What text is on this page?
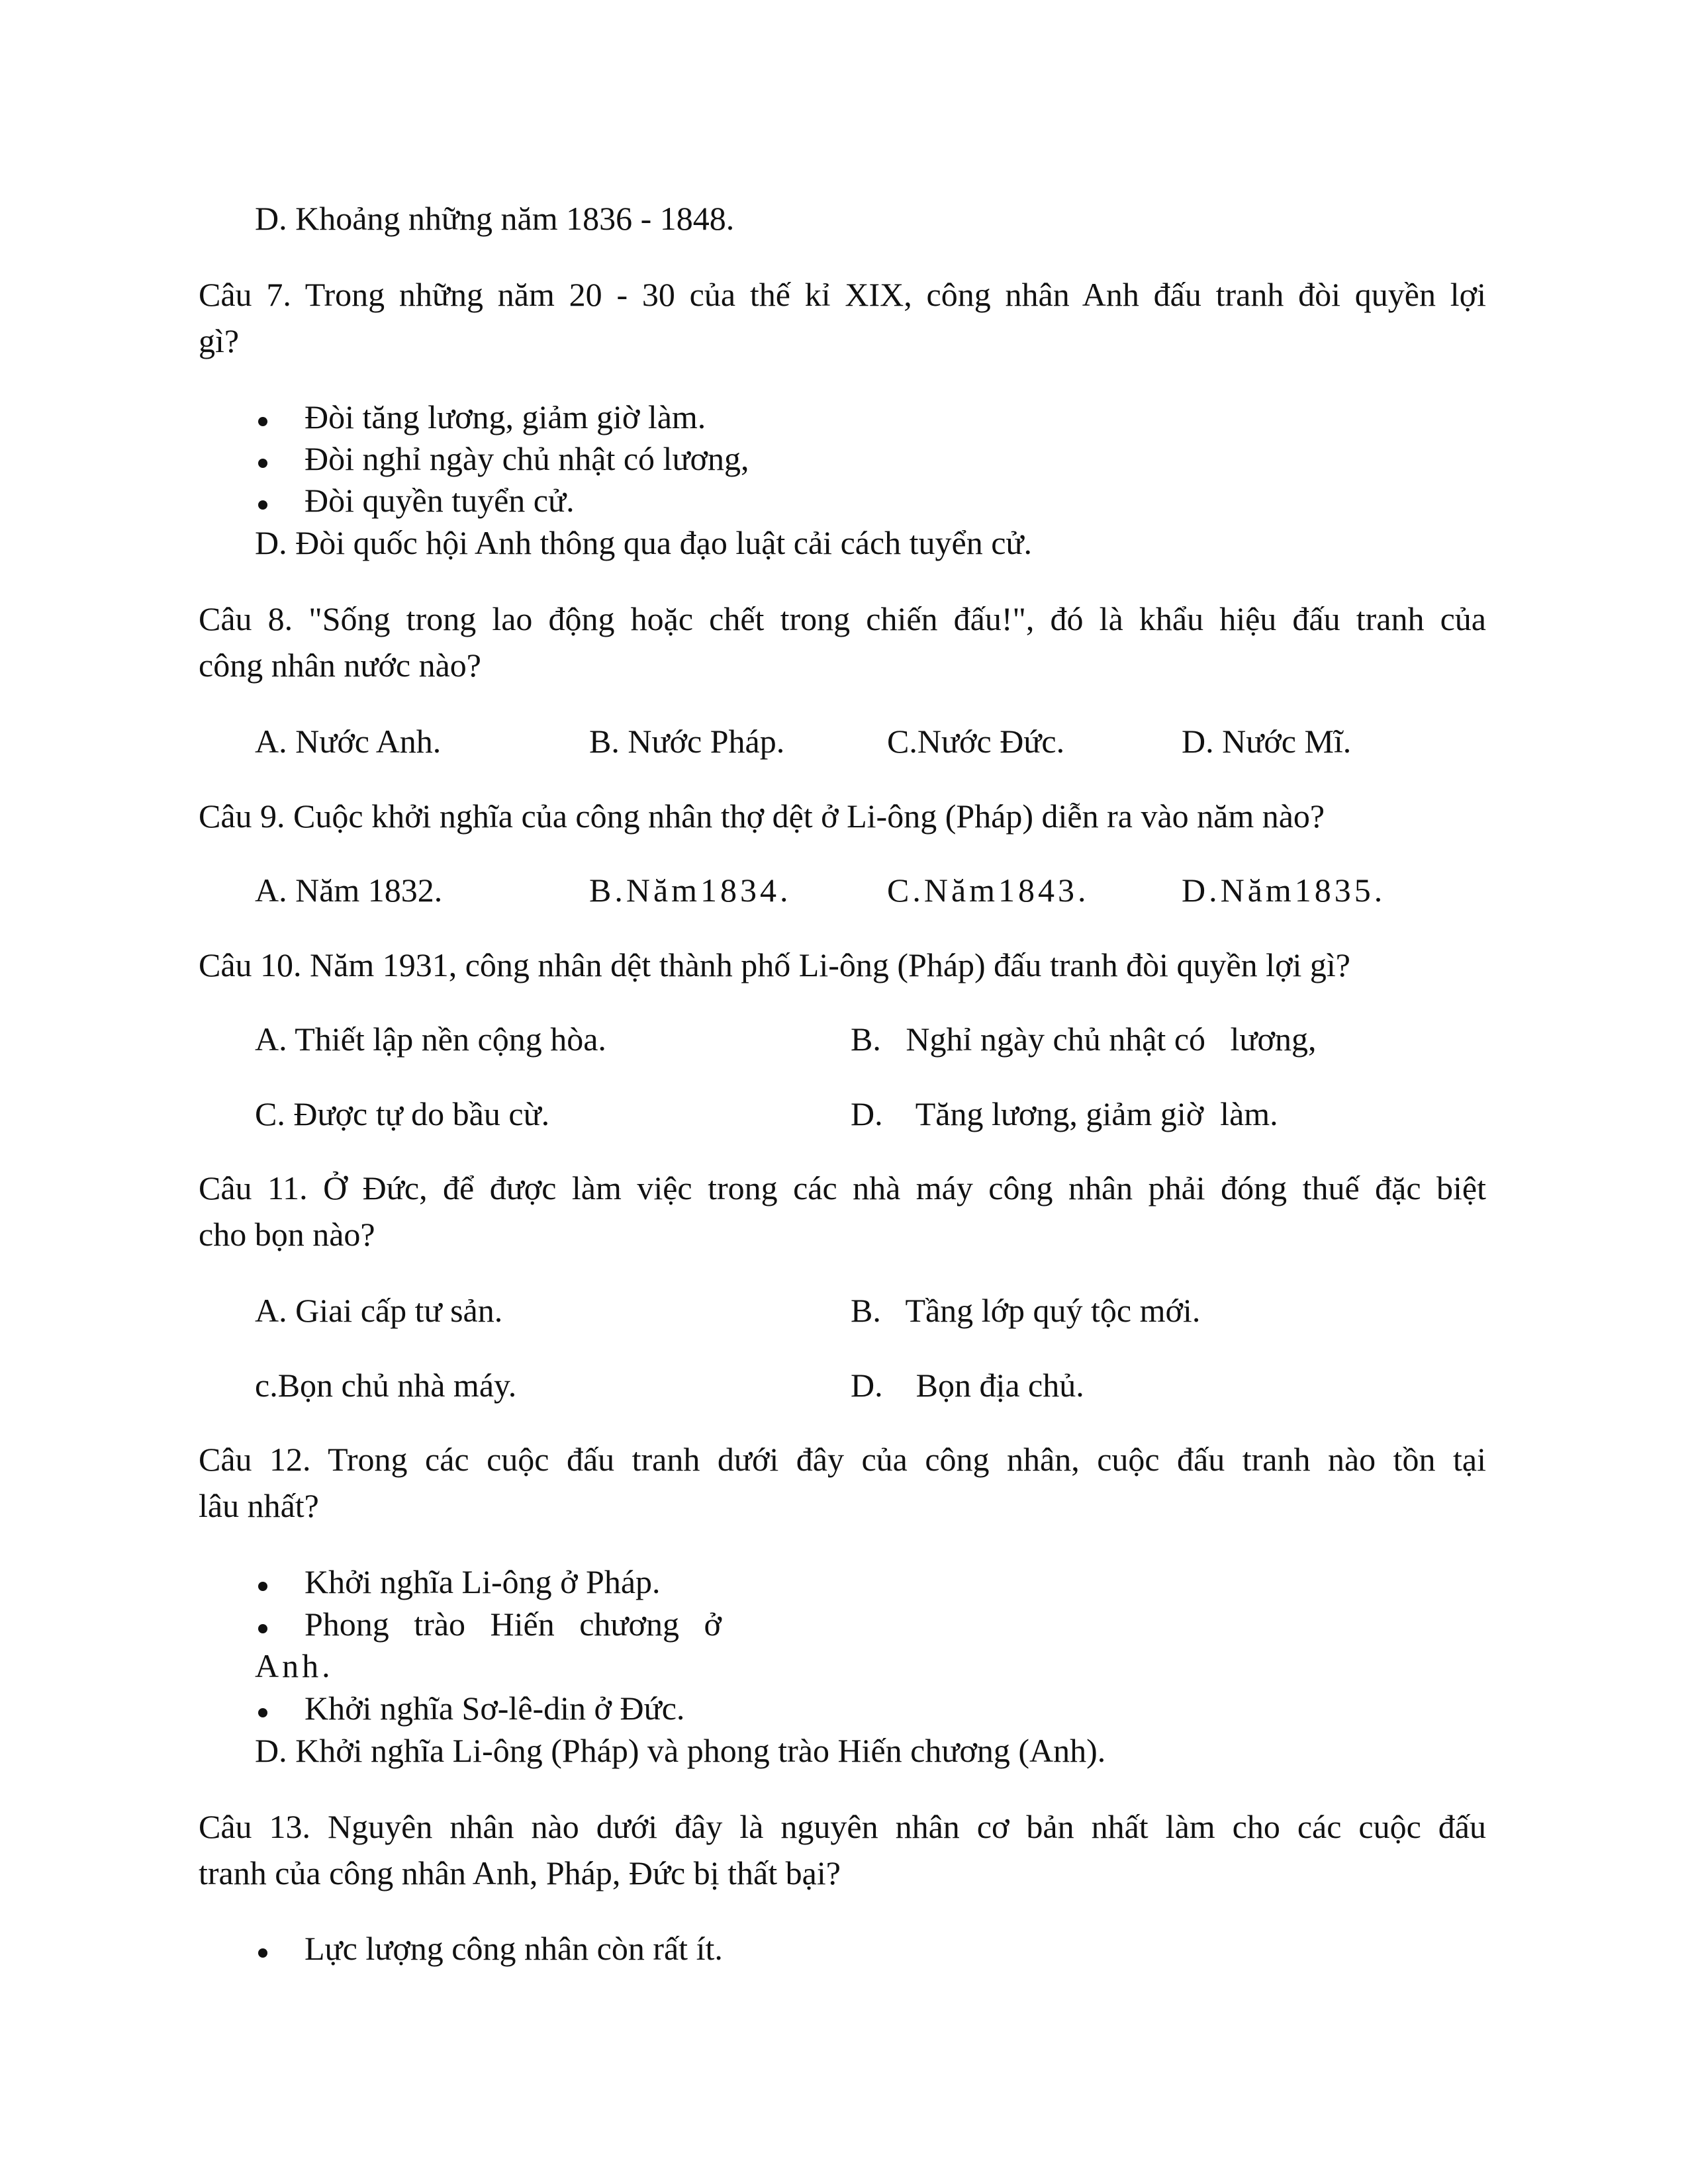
D. Khoảng những năm 1836 - 1848.
Câu 7. Trong những năm 20 - 30 của thế kỉ XIX, công nhân Anh đấu tranh đòi quyền lợi
gì?
Đòi tăng lương, giảm giờ làm.
Đòi nghỉ ngày chủ nhật có lương,
Đòi quyền tuyển cử.
D. Đòi quốc hội Anh thông qua đạo luật cải cách tuyển cử.
Câu 8. "Sống trong lao động hoặc chết trong chiến đấu!", đó là khẩu hiệu đấu tranh của
công nhân nước nào?
A. Nước Anh.	B. Nước Pháp.	C.Nước Đức.	D. Nước Mĩ.
Câu 9. Cuộc khởi nghĩa của công nhân thợ dệt ở Li-ông (Pháp) diễn ra vào năm nào?
A. Năm 1832.	B.Năm1834.	C.Năm1843.	D.Năm1835.
Câu 10. Năm 1931, công nhân dệt thành phố Li-ông (Pháp) đấu tranh đòi quyền lợi gì?
A. Thiết lập nền cộng hòa.	B.   Nghỉ ngày chủ nhật có   lương,
C. Được tự do bầu cừ.	D.    Tăng lương, giảm giờ  làm.
Câu 11. Ở Đức, để được làm việc trong các nhà máy công nhân phải đóng thuế đặc biệt
cho bọn nào?
A. Giai cấp tư sản.	B.   Tầng lớp quý tộc mới.
c.Bọn chủ nhà máy.	D.    Bọn địa chủ.
Câu 12. Trong các cuộc đấu tranh dưới đây của công nhân, cuộc đấu tranh nào tồn tại
lâu nhất?
Khởi nghĩa Li-ông ở Pháp.
Phong   trào   Hiến   chương   ở
Anh.
Khởi nghĩa Sơ-lê-din ở Đức.
D. Khởi nghĩa Li-ông (Pháp) và phong trào Hiến chương (Anh).
Câu 13. Nguyên nhân nào dưới đây là nguyên nhân cơ bản nhất làm cho các cuộc đấu
tranh của công nhân Anh, Pháp, Đức bị thất bại?
Lực lượng công nhân còn rất ít.
